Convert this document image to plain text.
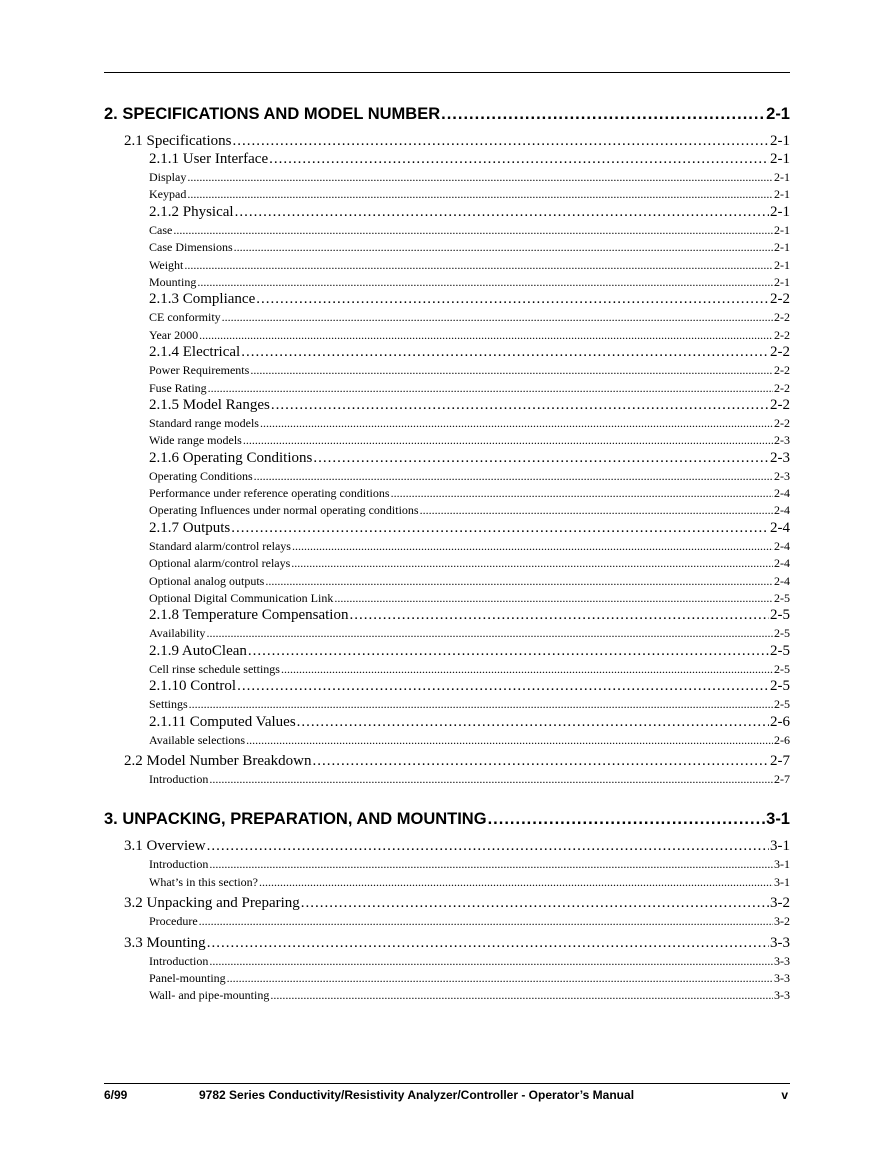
2. SPECIFICATIONS AND MODEL NUMBER .....	2-1
2.1 Specifications .....	2-1
2.1.1 User Interface .....	2-1
Display .....	2-1
Keypad .....	2-1
2.1.2 Physical .....	2-1
Case .....	2-1
Case Dimensions .....	2-1
Weight .....	2-1
Mounting .....	2-1
2.1.3 Compliance .....	2-2
CE conformity .....	2-2
Year 2000 .....	2-2
2.1.4 Electrical .....	2-2
Power Requirements .....	2-2
Fuse Rating .....	2-2
2.1.5 Model Ranges .....	2-2
Standard range models .....	2-2
Wide range models .....	2-3
2.1.6 Operating Conditions .....	2-3
Operating Conditions .....	2-3
Performance under reference operating conditions .....	2-4
Operating Influences under normal operating conditions .....	2-4
2.1.7 Outputs .....	2-4
Standard alarm/control relays .....	2-4
Optional alarm/control relays .....	2-4
Optional analog outputs .....	2-4
Optional Digital Communication Link .....	2-5
2.1.8 Temperature Compensation .....	2-5
Availability .....	2-5
2.1.9 AutoClean .....	2-5
Cell rinse schedule settings .....	2-5
2.1.10 Control .....	2-5
Settings .....	2-5
2.1.11 Computed Values .....	2-6
Available selections .....	2-6
2.2 Model Number Breakdown .....	2-7
Introduction .....	2-7
3. UNPACKING, PREPARATION, AND MOUNTING .....	3-1
3.1 Overview .....	3-1
Introduction .....	3-1
What’s in this section? .....	3-1
3.2 Unpacking and Preparing .....	3-2
Procedure .....	3-2
3.3 Mounting .....	3-3
Introduction .....	3-3
Panel-mounting .....	3-3
Wall- and pipe-mounting .....	3-3
6/99	9782 Series Conductivity/Resistivity Analyzer/Controller - Operator’s Manual	v
